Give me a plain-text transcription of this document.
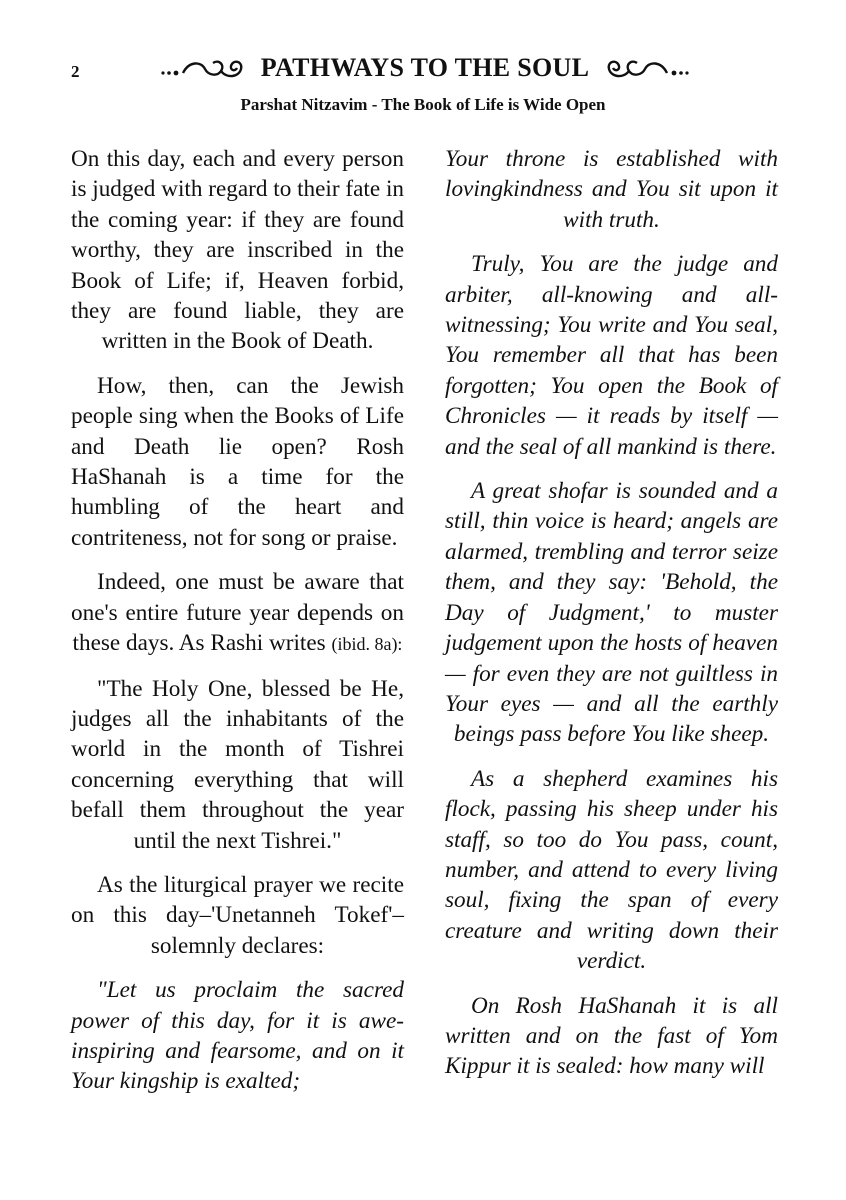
2	PATHWAYS TO THE SOUL
Parshat Nitzavim - The Book of Life is Wide Open

On this day, each and every person is judged with regard to their fate in the coming year: if they are found worthy, they are inscribed in the Book of Life; if, Heaven forbid, they are found liable, they are written in the Book of Death.

How, then, can the Jewish people sing when the Books of Life and Death lie open? Rosh HaShanah is a time for the humbling of the heart and contriteness, not for song or praise.

Indeed, one must be aware that one's entire future year depends on these days. As Rashi writes (ibid. 8a):

"The Holy One, blessed be He, judges all the inhabitants of the world in the month of Tishrei concerning everything that will befall them throughout the year until the next Tishrei."

As the liturgical prayer we recite on this day–'Unetanneh Tokef'–solemnly declares:

"Let us proclaim the sacred power of this day, for it is awe-inspiring and fearsome, and on it Your kingship is exalted;

Your throne is established with lovingkindness and You sit upon it with truth.

Truly, You are the judge and arbiter, all-knowing and all-witnessing; You write and You seal, You remember all that has been forgotten; You open the Book of Chronicles — it reads by itself — and the seal of all mankind is there.

A great shofar is sounded and a still, thin voice is heard; angels are alarmed, trembling and terror seize them, and they say: 'Behold, the Day of Judgment,' to muster judgement upon the hosts of heaven — for even they are not guiltless in Your eyes — and all the earthly beings pass before You like sheep.

As a shepherd examines his flock, passing his sheep under his staff, so too do You pass, count, number, and attend to every living soul, fixing the span of every creature and writing down their verdict.

On Rosh HaShanah it is all written and on the fast of Yom Kippur it is sealed: how many will
